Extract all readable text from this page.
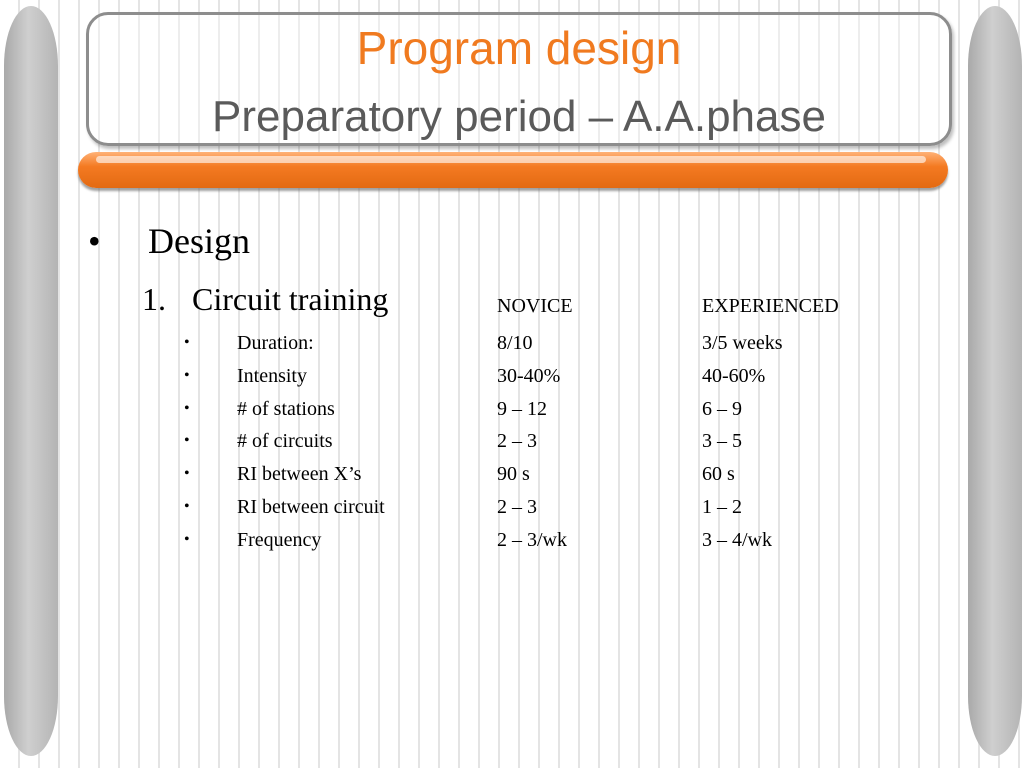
Program design
Preparatory period – A.A.phase
• Design
1. Circuit training	NOVICE	EXPERIENCED
• Duration:	8/10	3/5 weeks
• Intensity	30-40%	40-60%
• # of stations	9 – 12	6 – 9
• # of circuits	2 – 3	3 – 5
• RI between X’s	90 s	60 s
• RI between circuit	2 – 3	1 – 2
• Frequency	2 – 3/wk	3 – 4/wk
